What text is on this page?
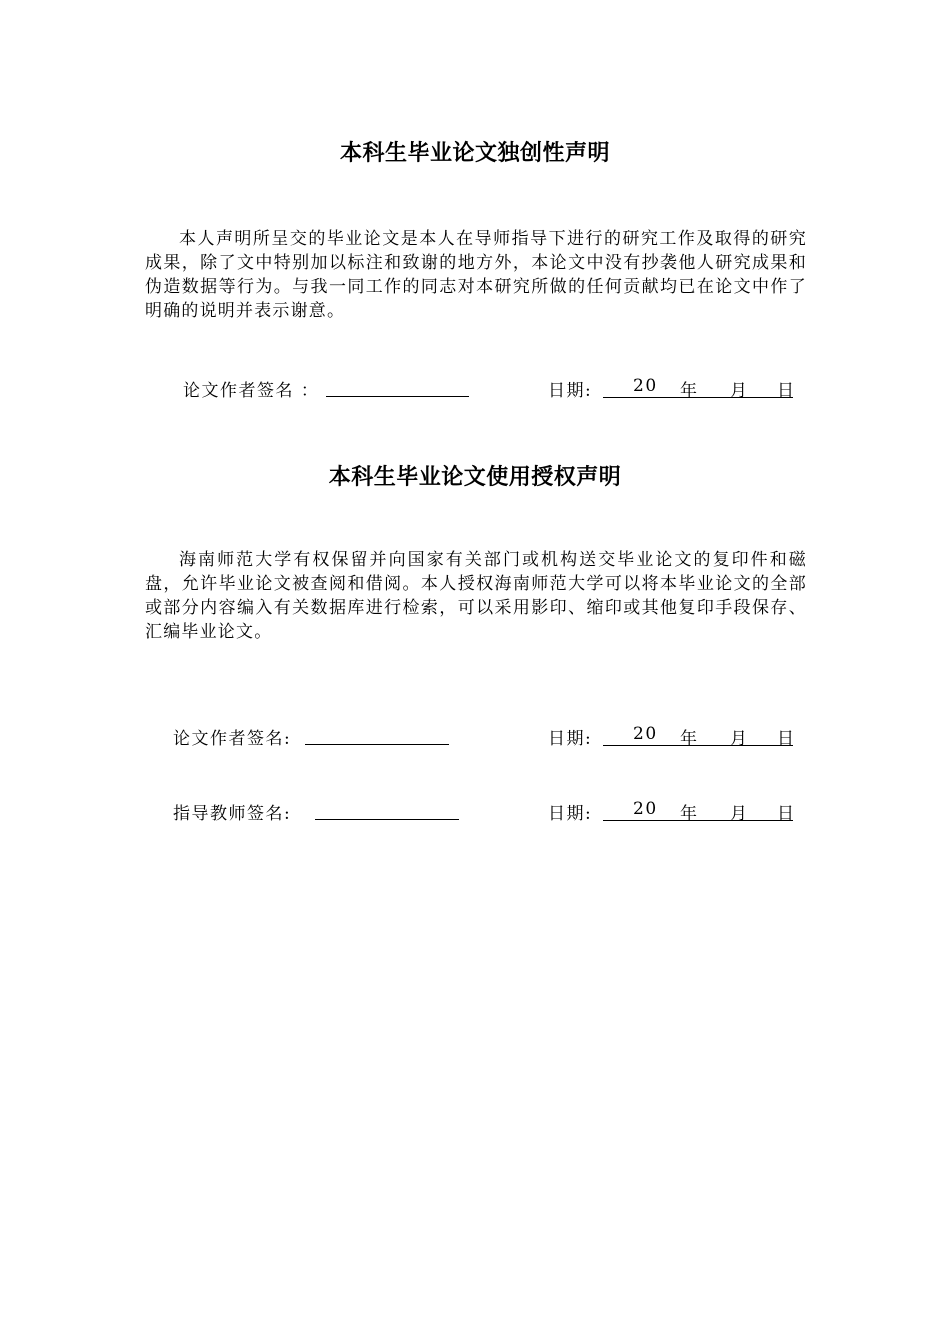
本科生毕业论文独创性声明
本人声明所呈交的毕业论文是本人在导师指导下进行的研究工作及取得的研究成果，除了文中特别加以标注和致谢的地方外，本论文中没有抄袭他人研究成果和伪造数据等行为。与我一同工作的同志对本研究所做的任何贡献均已在论文中作了明确的说明并表示谢意。
论文作者签名 ：	日期: 20 年 月 日
本科生毕业论文使用授权声明
海南师范大学有权保留并向国家有关部门或机构送交毕业论文的复印件和磁盘，允许毕业论文被查阅和借阅。本人授权海南师范大学可以将本毕业论文的全部或部分内容编入有关数据库进行检索，可以采用影印、缩印或其他复印手段保存、汇编毕业论文。
论文作者签名:	日期: 20 年 月 日
指导教师签名:	日期: 20 年 月 日
